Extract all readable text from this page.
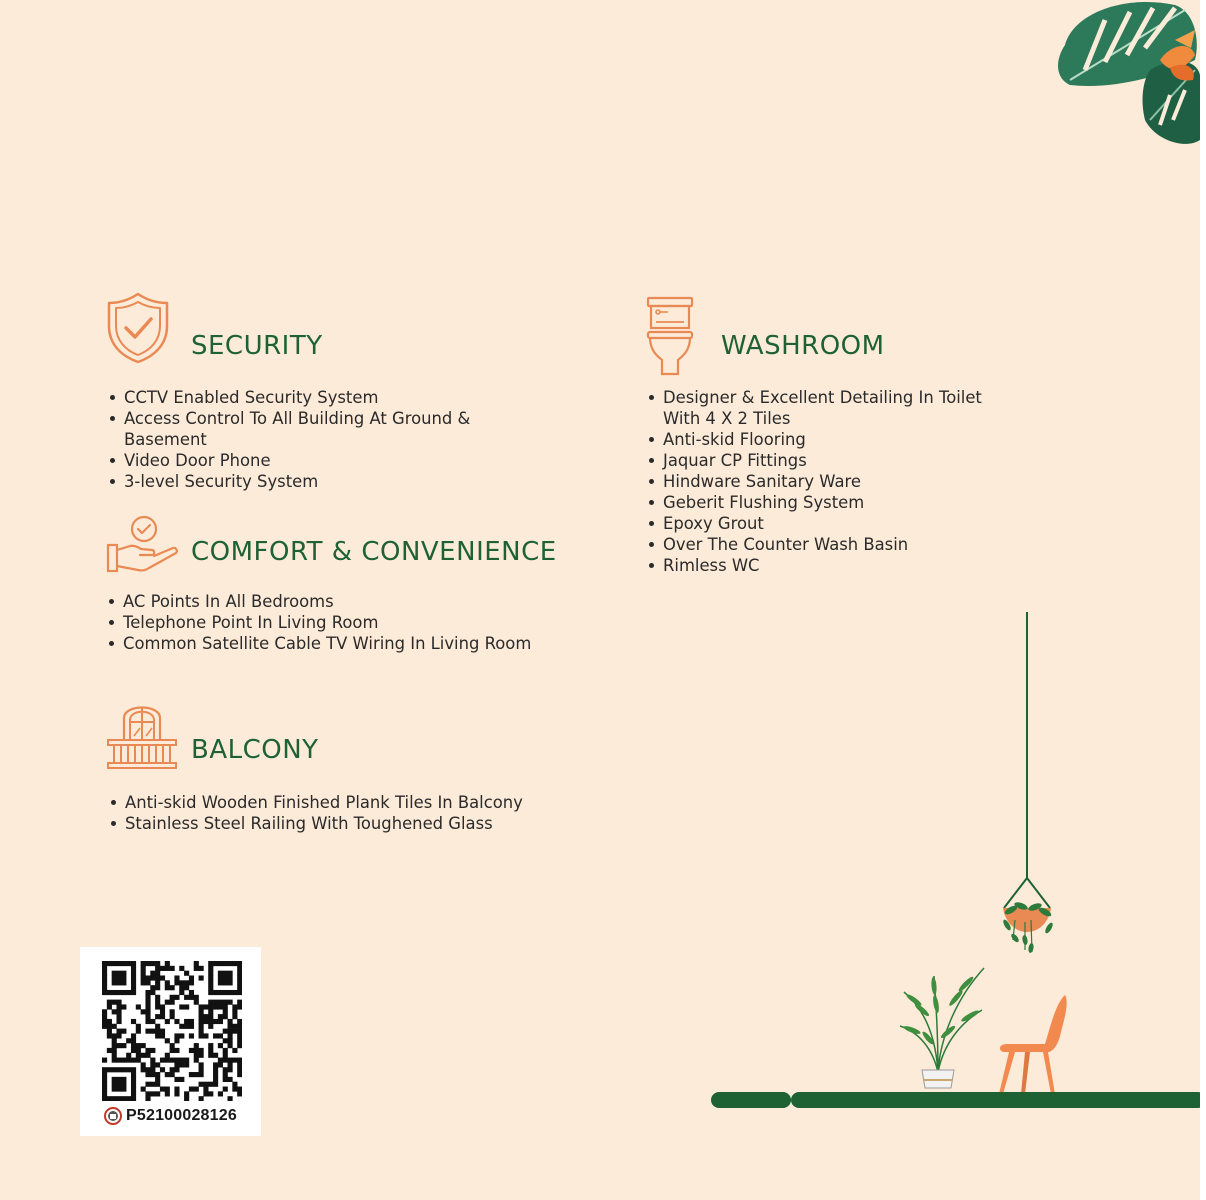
SECURITY
CCTV Enabled Security System
Access Control To All Building At Ground & Basement
Video Door Phone
3-level Security System
COMFORT & CONVENIENCE
AC Points In All Bedrooms
Telephone Point In Living Room
Common Satellite Cable TV Wiring In Living Room
BALCONY
Anti-skid Wooden Finished Plank Tiles In Balcony
Stainless Steel Railing With Toughened Glass
WASHROOM
Designer & Excellent Detailing In Toilet With 4 X 2 Tiles
Anti-skid Flooring
Jaquar CP Fittings
Hindware Sanitary Ware
Geberit Flushing System
Epoxy Grout
Over The Counter Wash Basin
Rimless WC
P52100028126
